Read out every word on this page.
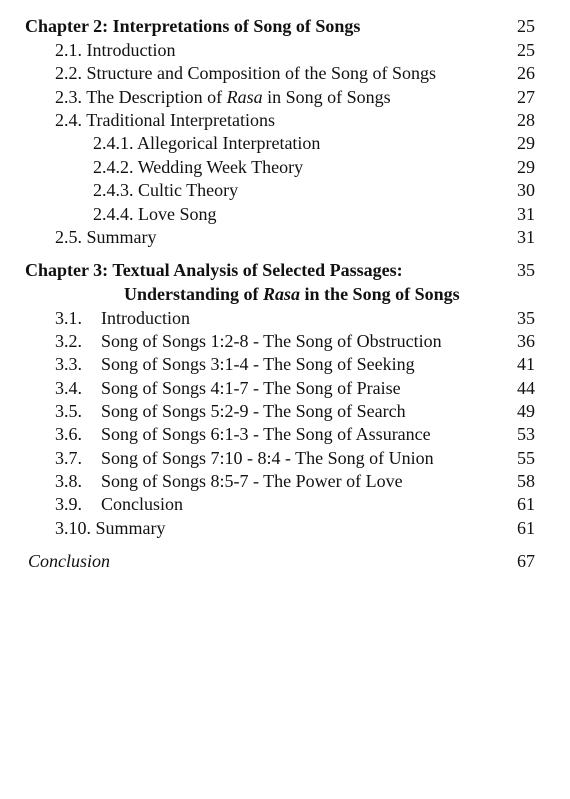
Chapter 2: Interpretations of Song of Songs	25
2.1. Introduction	25
2.2. Structure and Composition of the Song of Songs	26
2.3. The Description of Rasa in Song of Songs	27
2.4. Traditional Interpretations	28
2.4.1. Allegorical Interpretation	29
2.4.2. Wedding Week Theory	29
2.4.3. Cultic Theory	30
2.4.4. Love Song	31
2.5. Summary	31
Chapter 3: Textual Analysis of Selected Passages:	35
Understanding of Rasa in the Song of Songs
3.1. Introduction	35
3.2. Song of Songs 1:2-8 - The Song of Obstruction	36
3.3. Song of Songs 3:1-4 - The Song of Seeking	41
3.4. Song of Songs 4:1-7 - The Song of Praise	44
3.5. Song of Songs 5:2-9 - The Song of Search	49
3.6. Song of Songs 6:1-3 - The Song of Assurance	53
3.7. Song of Songs 7:10 - 8:4 - The Song of Union	55
3.8. Song of Songs 8:5-7 - The Power of Love	58
3.9. Conclusion	61
3.10. Summary	61
Conclusion	67
